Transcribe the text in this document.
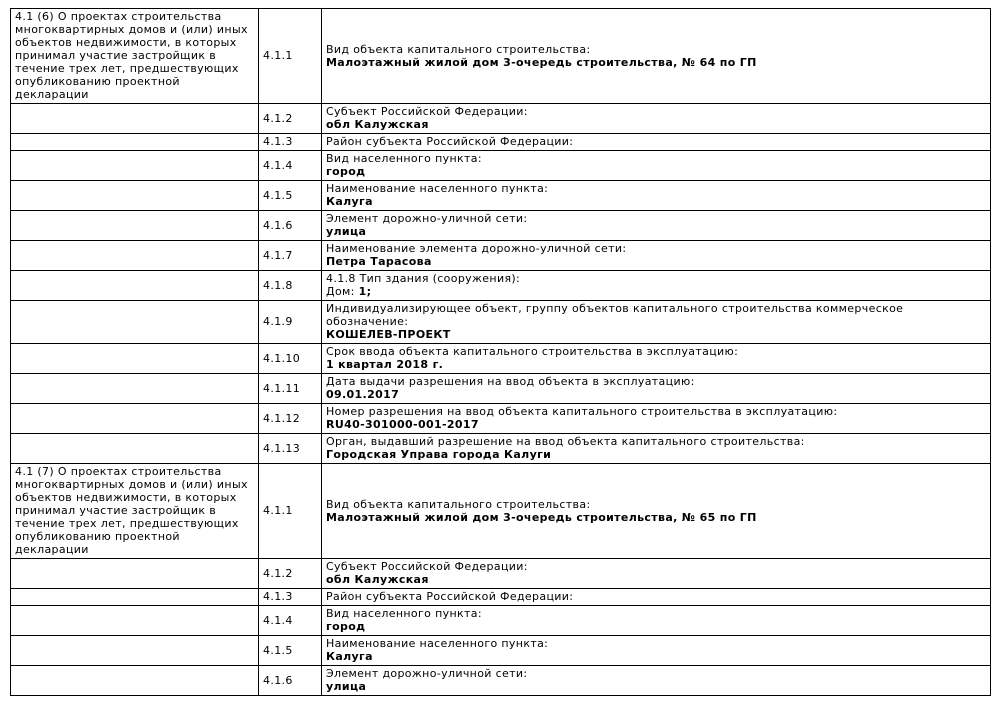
4.1 (6) О проектах строительства многоквартирных домов и (или) иных объектов недвижимости, в которых принимал участие застройщик в течение трех лет, предшествующих опубликованию проектной декларации	4.1.1	Вид объекта капитального строительства:
Малоэтажный жилой дом 3-очередь строительства, № 64 по ГП

	4.1.2	Субъект Российской Федерации:
обл Калужская

	4.1.3	Район субъекта Российской Федерации:

	4.1.4	Вид населенного пункта:
город

	4.1.5	Наименование населенного пункта:
Калуга

	4.1.6	Элемент дорожно-уличной сети:
улица

	4.1.7	Наименование элемента дорожно-уличной сети:
Петра Тарасова

	4.1.8	4.1.8 Тип здания (сооружения):
Дом: 1;

	4.1.9	Индивидуализирующее объект, группу объектов капитального строительства коммерческое обозначение:
КОШЕЛЕВ-ПРОЕКТ

	4.1.10	Срок ввода объекта капитального строительства в эксплуатацию:
1 квартал 2018 г.

	4.1.11	Дата выдачи разрешения на ввод объекта в эксплуатацию:
09.01.2017

	4.1.12	Номер разрешения на ввод объекта капитального строительства в эксплуатацию:
RU40-301000-001-2017

	4.1.13	Орган, выдавший разрешение на ввод объекта капитального строительства:
Городская Управа города Калуги

4.1 (7) О проектах строительства многоквартирных домов и (или) иных объектов недвижимости, в которых принимал участие застройщик в течение трех лет, предшествующих опубликованию проектной декларации	4.1.1	Вид объекта капитального строительства:
Малоэтажный жилой дом 3-очередь строительства, № 65 по ГП

	4.1.2	Субъект Российской Федерации:
обл Калужская

	4.1.3	Район субъекта Российской Федерации:

	4.1.4	Вид населенного пункта:
город

	4.1.5	Наименование населенного пункта:
Калуга

	4.1.6	Элемент дорожно-уличной сети:
улица
